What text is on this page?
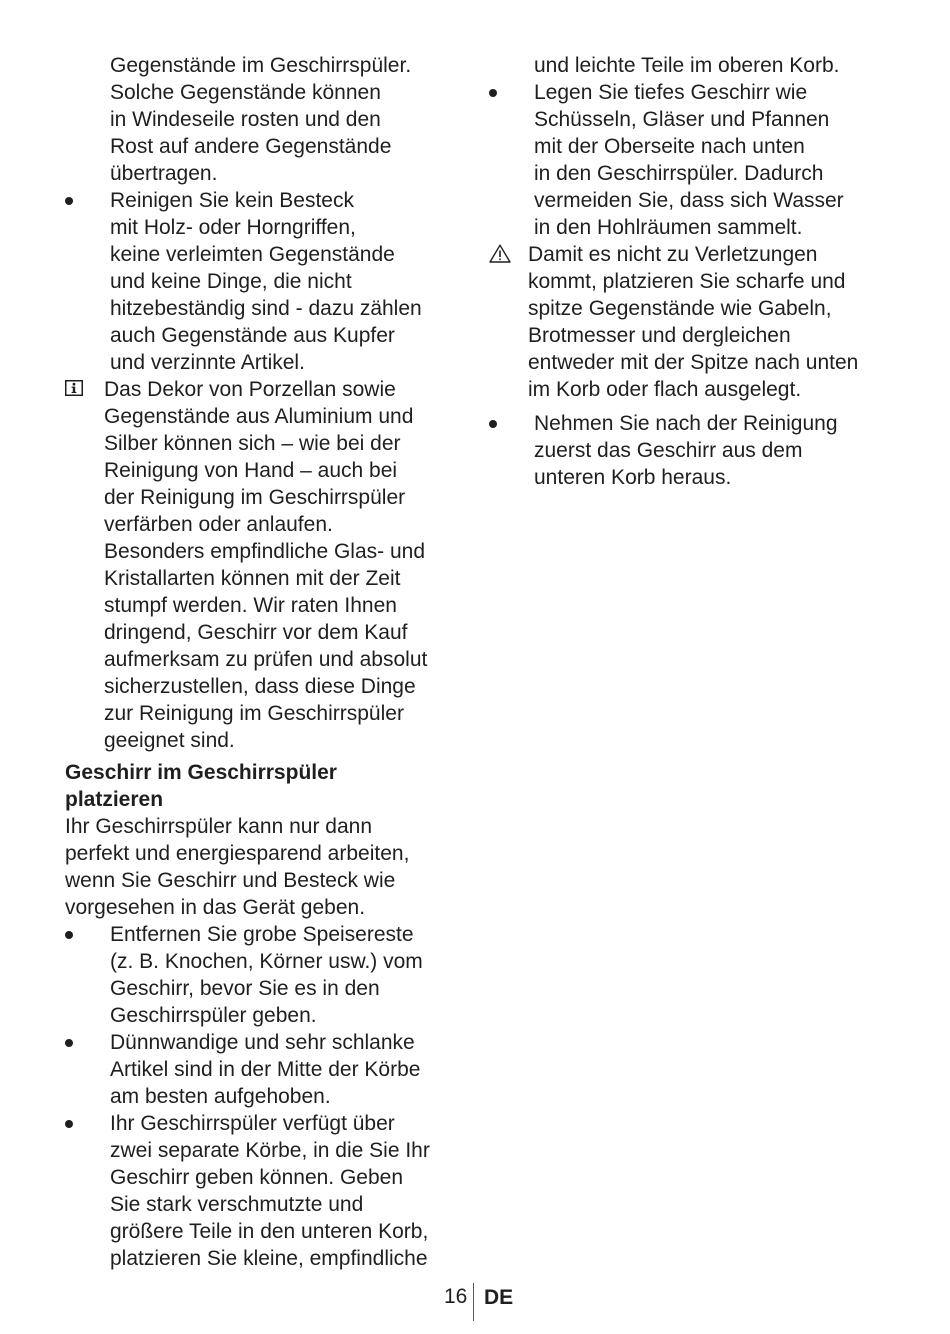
Gegenstände im Geschirrspüler.
Solche Gegenstände können
in Windeseile rosten und den
Rost auf andere Gegenstände
übertragen.
Reinigen Sie kein Besteck
mit Holz- oder Horngriffen,
keine verleimten Gegenstände
und keine Dinge, die nicht
hitzebeständig sind - dazu zählen
auch Gegenstände aus Kupfer
und verzinnte Artikel.
Das Dekor von Porzellan sowie
Gegenstände aus Aluminium und
Silber können sich – wie bei der
Reinigung von Hand – auch bei
der Reinigung im Geschirrspüler
verfärben oder anlaufen.
Besonders empfindliche Glas- und
Kristallarten können mit der Zeit
stumpf werden. Wir raten Ihnen
dringend, Geschirr vor dem Kauf
aufmerksam zu prüfen und absolut
sicherzustellen, dass diese Dinge
zur Reinigung im Geschirrspüler
geeignet sind.
Geschirr im Geschirrspüler
platzieren
Ihr Geschirrspüler kann nur dann
perfekt und energiesparend arbeiten,
wenn Sie Geschirr und Besteck wie
vorgesehen in das Gerät geben.
Entfernen Sie grobe Speisereste
(z. B. Knochen, Körner usw.) vom
Geschirr, bevor Sie es in den
Geschirrspüler geben.
Dünnwandige und sehr schlanke
Artikel sind in der Mitte der Körbe
am besten aufgehoben.
Ihr Geschirrspüler verfügt über
zwei separate Körbe, in die Sie Ihr
Geschirr geben können. Geben
Sie stark verschmutzte und
größere Teile in den unteren Korb,
platzieren Sie kleine, empfindliche
und leichte Teile im oberen Korb.
Legen Sie tiefes Geschirr wie
Schüsseln, Gläser und Pfannen
mit der Oberseite nach unten
in den Geschirrspüler. Dadurch
vermeiden Sie, dass sich Wasser
in den Hohlräumen sammelt.
Damit es nicht zu Verletzungen
kommt, platzieren Sie scharfe und
spitze Gegenstände wie Gabeln,
Brotmesser und dergleichen
entweder mit der Spitze nach unten
im Korb oder flach ausgelegt.
Nehmen Sie nach der Reinigung
zuerst das Geschirr aus dem
unteren Korb heraus.
16 DE
